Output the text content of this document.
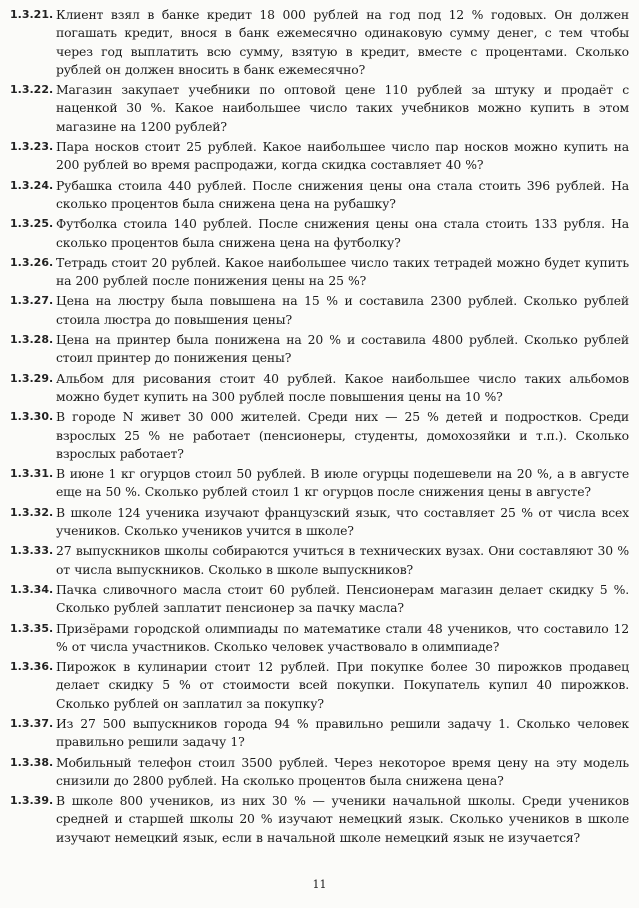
1.3.21. Клиент взял в банке кредит 18 000 рублей на год под 12 % годовых. Он должен погашать кредит, внося в банк ежемесячно одинаковую сумму денег, с тем чтобы через год выплатить всю сумму, взятую в кредит, вместе с процентами. Сколько рублей он должен вносить в банк ежемесячно?
1.3.22. Магазин закупает учебники по оптовой цене 110 рублей за штуку и продаёт с наценкой 30 %. Какое наибольшее число таких учебников можно купить в этом магазине на 1200 рублей?
1.3.23. Пара носков стоит 25 рублей. Какое наибольшее число пар носков можно купить на 200 рублей во время распродажи, когда скидка составляет 40 %?
1.3.24. Рубашка стоила 440 рублей. После снижения цены она стала стоить 396 рублей. На сколько процентов была снижена цена на рубашку?
1.3.25. Футболка стоила 140 рублей. После снижения цены она стала стоить 133 рубля. На сколько процентов была снижена цена на футболку?
1.3.26. Тетрадь стоит 20 рублей. Какое наибольшее число таких тетрадей можно будет купить на 200 рублей после понижения цены на 25 %?
1.3.27. Цена на люстру была повышена на 15 % и составила 2300 рублей. Сколько рублей стоила люстра до повышения цены?
1.3.28. Цена на принтер была понижена на 20 % и составила 4800 рублей. Сколько рублей стоил принтер до понижения цены?
1.3.29. Альбом для рисования стоит 40 рублей. Какое наибольшее число таких альбомов можно будет купить на 300 рублей после повышения цены на 10 %?
1.3.30. В городе N живет 30 000 жителей. Среди них — 25 % детей и подростков. Среди взрослых 25 % не работает (пенсионеры, студенты, домохозяйки и т.п.). Сколько взрослых работает?
1.3.31. В июне 1 кг огурцов стоил 50 рублей. В июле огурцы подешевели на 20 %, а в августе еще на 50 %. Сколько рублей стоил 1 кг огурцов после снижения цены в августе?
1.3.32. В школе 124 ученика изучают французский язык, что составляет 25 % от числа всех учеников. Сколько учеников учится в школе?
1.3.33. 27 выпускников школы собираются учиться в технических вузах. Они составляют 30 % от числа выпускников. Сколько в школе выпускников?
1.3.34. Пачка сливочного масла стоит 60 рублей. Пенсионерам магазин делает скидку 5 %. Сколько рублей заплатит пенсионер за пачку масла?
1.3.35. Призёрами городской олимпиады по математике стали 48 учеников, что составило 12 % от числа участников. Сколько человек участвовало в олимпиаде?
1.3.36. Пирожок в кулинарии стоит 12 рублей. При покупке более 30 пирожков продавец делает скидку 5 % от стоимости всей покупки. Покупатель купил 40 пирожков. Сколько рублей он заплатил за покупку?
1.3.37. Из 27 500 выпускников города 94 % правильно решили задачу 1. Сколько человек правильно решили задачу 1?
1.3.38. Мобильный телефон стоил 3500 рублей. Через некоторое время цену на эту модель снизили до 2800 рублей. На сколько процентов была снижена цена?
1.3.39. В школе 800 учеников, из них 30 % — ученики начальной школы. Среди учеников средней и старшей школы 20 % изучают немецкий язык. Сколько учеников в школе изучают немецкий язык, если в начальной школе немецкий язык не изучается?
11
